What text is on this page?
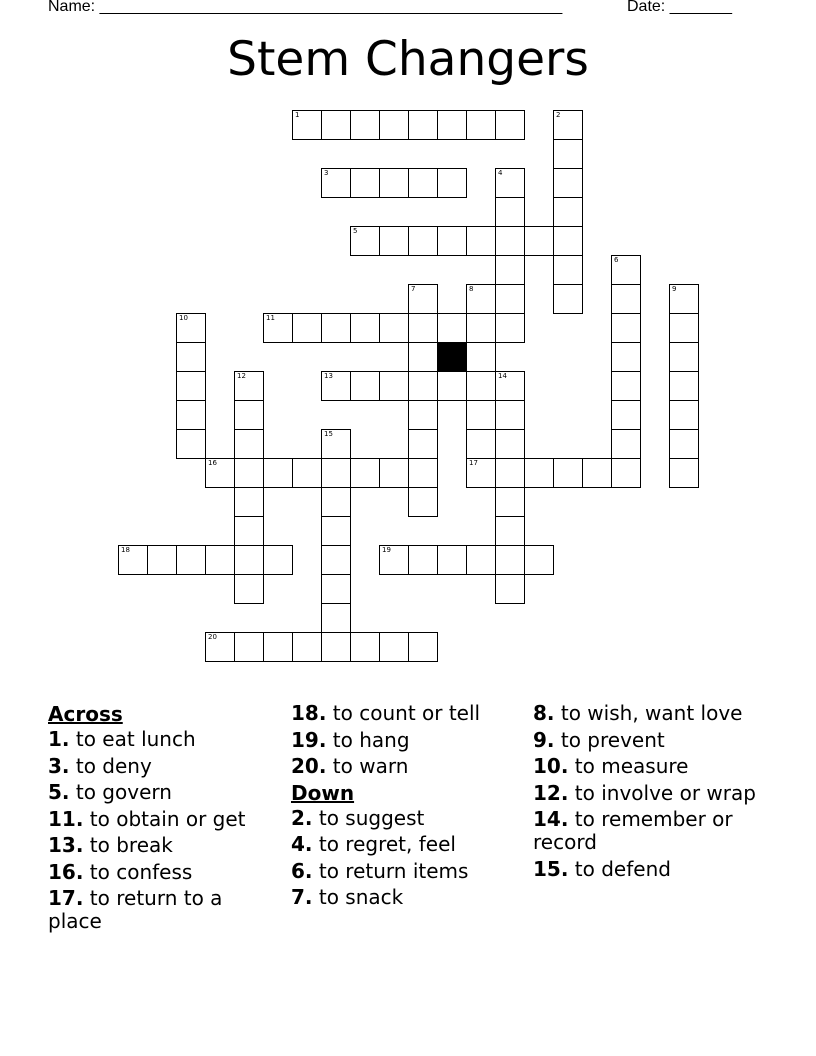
Name: ____________________________________________________	Date: _______
Stem Changers
1	2
3	4
5
6
7	8
17
9
10	11
12	13	14
15
16
18	19
20
Across
1. to eat lunch
3. to deny
5. to govern
11. to obtain or get
13. to break
16. to confess
17. to return to a place
18. to count or tell
19. to hang
20. to warn
Down
2. to suggest
4. to regret, feel
6. to return items
7. to snack
8. to wish, want love
9. to prevent
10. to measure
12. to involve or wrap
14. to remember or record
15. to defend
